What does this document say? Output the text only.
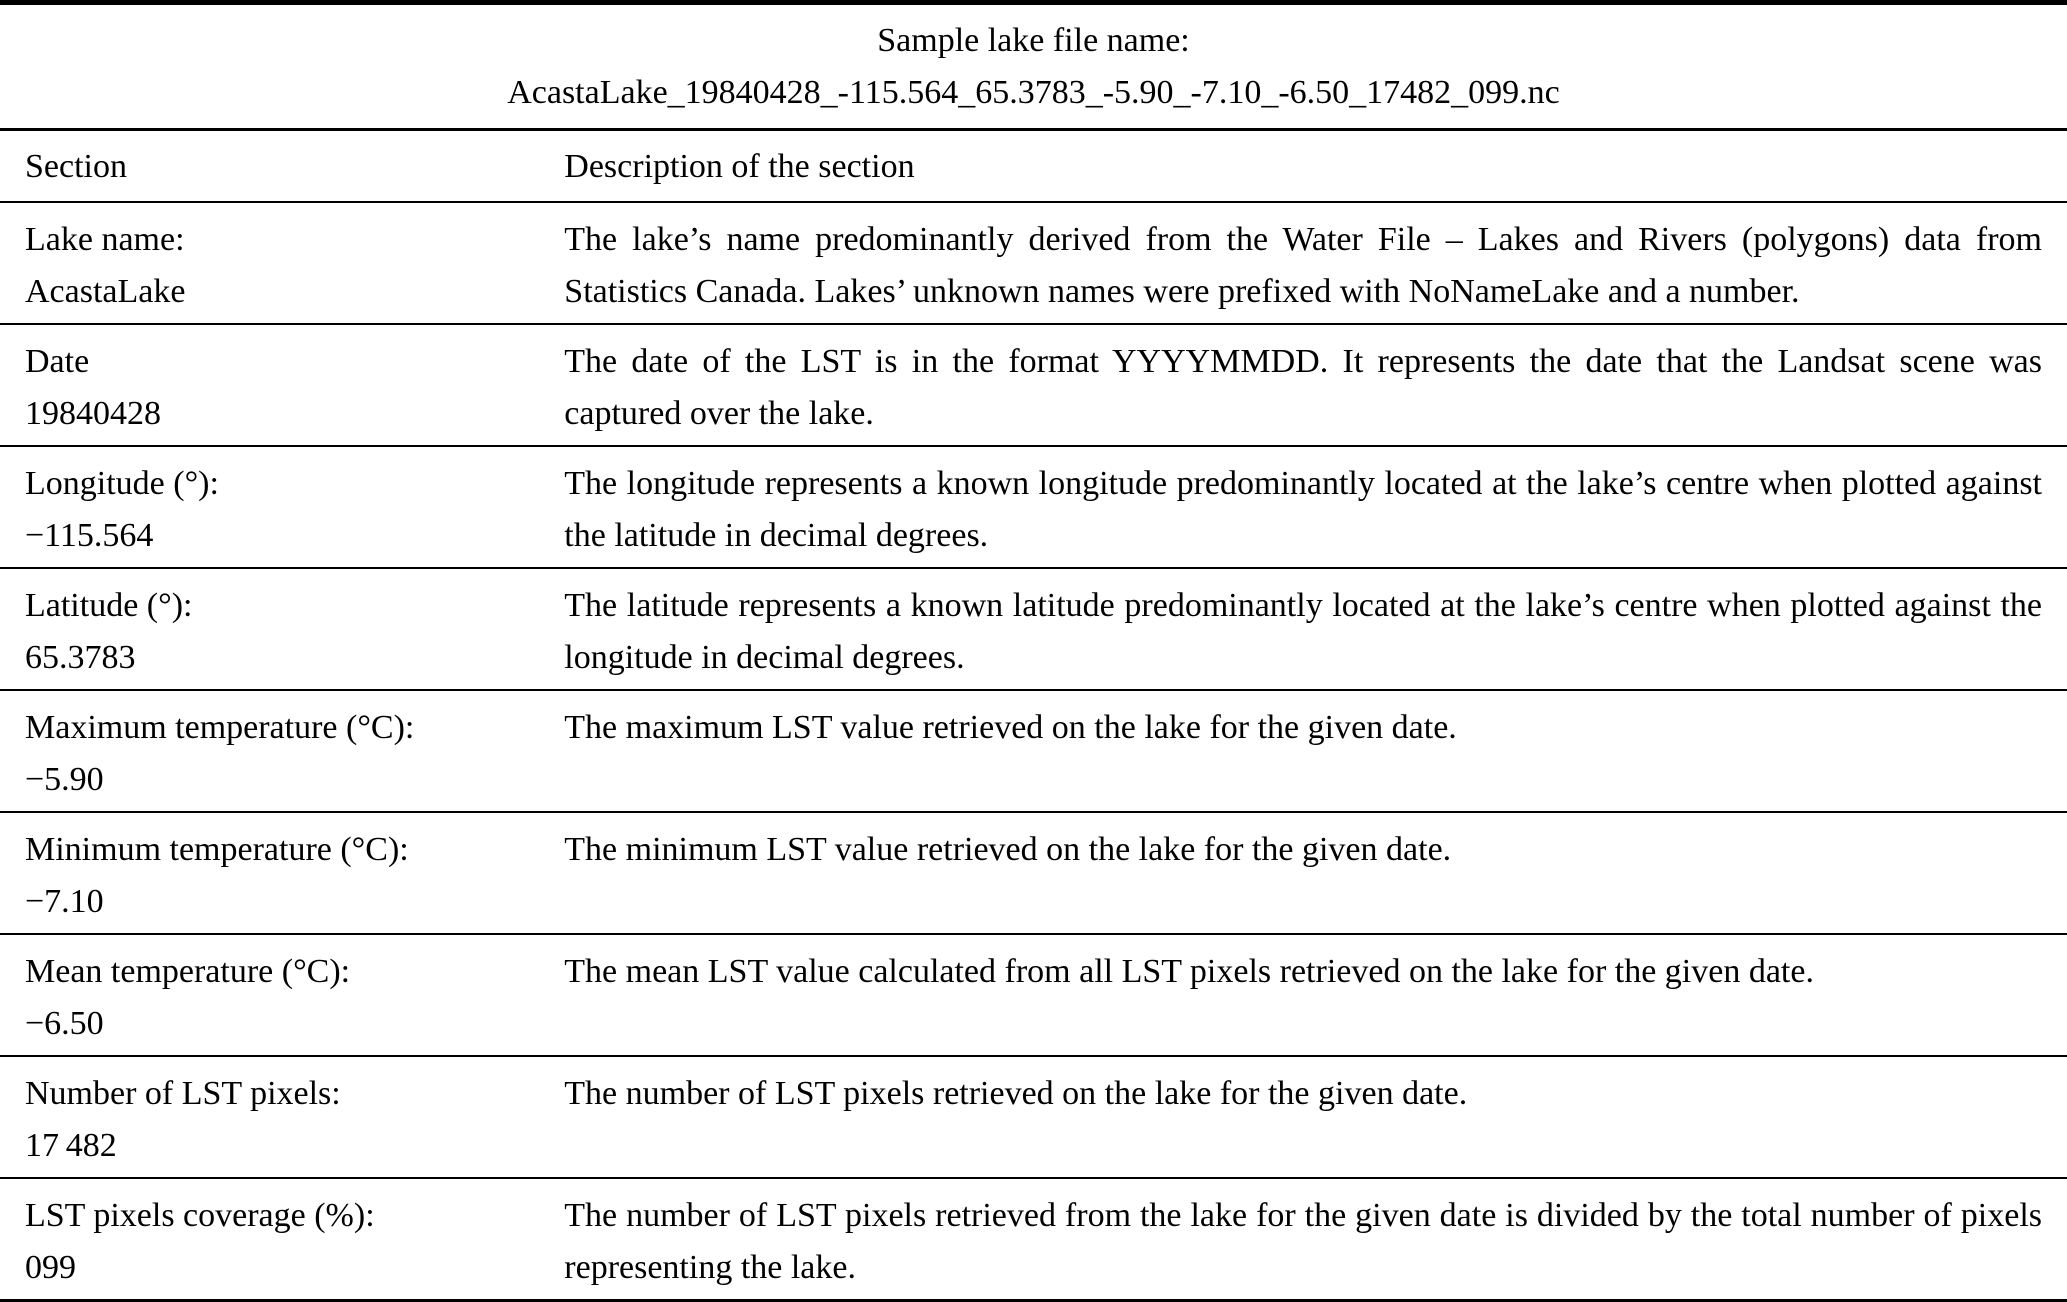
Sample lake file name:
AcastaLake_19840428_-115.564_65.3783_-5.90_-7.10_-6.50_17482_099.nc
Section	Description of the section

Lake name:
AcastaLake	The lake’s name predominantly derived from the Water File – Lakes and Rivers (polygons) data from Statistics Canada. Lakes’ unknown names were prefixed with NoNameLake and a number.

Date
19840428	The date of the LST is in the format YYYYMMDD. It represents the date that the Landsat scene was captured over the lake.

Longitude (°):
−115.564	The longitude represents a known longitude predominantly located at the lake’s centre when plotted against the latitude in decimal degrees.

Latitude (°):
65.3783	The latitude represents a known latitude predominantly located at the lake’s centre when plotted against the longitude in decimal degrees.

Maximum temperature (°C):
−5.90	The maximum LST value retrieved on the lake for the given date.

Minimum temperature (°C):
−7.10	The minimum LST value retrieved on the lake for the given date.

Mean temperature (°C):
−6.50	The mean LST value calculated from all LST pixels retrieved on the lake for the given date.

Number of LST pixels:
17 482	The number of LST pixels retrieved on the lake for the given date.

LST pixels coverage (%):
099	The number of LST pixels retrieved from the lake for the given date is divided by the total number of pixels representing the lake.
